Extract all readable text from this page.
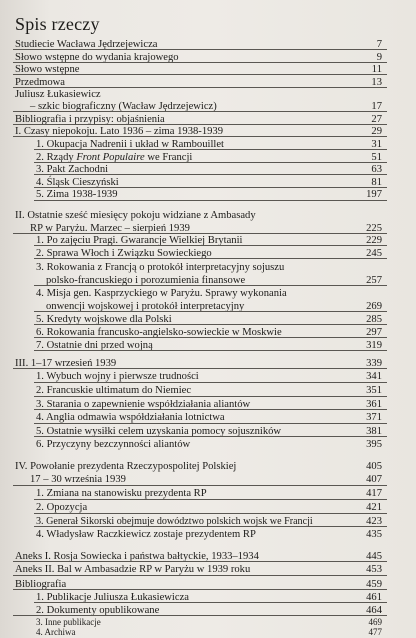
Spis rzeczy
Studiecie Wacława Jędrzejewicza	7
Słowo wstępne do wydania krajowego	9
Słowo wstępne	11
Przedmowa	13
Juliusz Łukasiewicz
– szkic biograficzny (Wacław Jędrzejewicz)	17
Bibliografia i przypisy: objaśnienia	27
I. Czasy niepokoju. Lato 1936 – zima 1938-1939	29
1. Okupacja Nadrenii i układ w Rambouillet	31
2. Rządy Front Populaire we Francji	51
3. Pakt Zachodni	63
4. Śląsk Cieszyński	81
5. Zima 1938-1939	197
II. Ostatnie sześć miesięcy pokoju widziane z Ambasady
RP w Paryżu. Marzec – sierpień 1939	225
1. Po zajęciu Pragi. Gwarancje Wielkiej Brytanii	229
2. Sprawa Włoch i Związku Sowieckiego	245
3. Rokowania z Francją o protokół interpretacyjny sojuszu
polsko-francuskiego i porozumienia finansowe	257
4. Misja gen. Kasprzyckiego w Paryżu. Sprawy wykonania
onwencji wojskowej i protokół interpretacyjny	269
5. Kredyty wojskowe dla Polski	285
6. Rokowania francusko-angielsko-sowieckie w Moskwie	297
7. Ostatnie dni przed wojną	319
III. 1–17 wrzesień 1939	339
1. Wybuch wojny i pierwsze trudności	341
2. Francuskie ultimatum do Niemiec	351
3. Starania o zapewnienie współdziałania aliantów	361
4. Anglia odmawia współdziałania lotnictwa	371
5. Ostatnie wysiłki celem uzyskania pomocy sojuszników	381
6. Przyczyny bezczynności aliantów	395
IV. Powołanie prezydenta Rzeczypospolitej Polskiej	405
17 – 30 września 1939	407
1. Zmiana na stanowisku prezydenta RP	417
2. Opozycja	421
3. Generał Sikorski obejmuje dowództwo polskich wojsk we Francji	423
4. Władysław Raczkiewicz zostaje prezydentem RP	435
Aneks I. Rosja Sowiecka i państwa bałtyckie, 1933–1934	445
Aneks II. Bal w Ambasadzie RP w Paryżu w 1939 roku	453
Bibliografia	459
1. Publikacje Juliusza Łukasiewicza	461
2. Dokumenty opublikowane	464
3. Inne publikacje	469
4. Archiwa	477
